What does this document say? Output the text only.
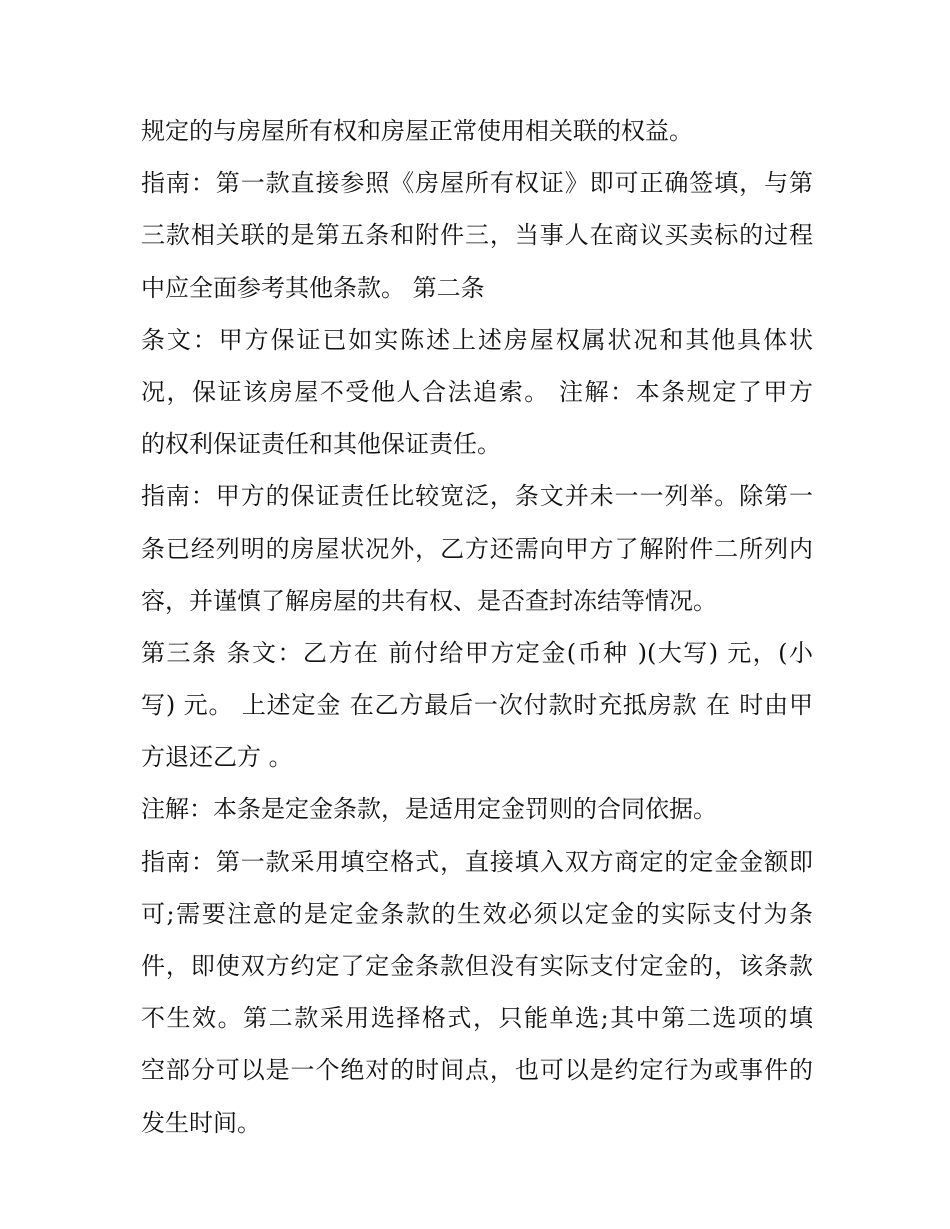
规定的与房屋所有权和房屋正常使用相关联的权益。
指南：第一款直接参照《房屋所有权证》即可正确签填，与第
三款相关联的是第五条和附件三，当事人在商议买卖标的过程
中应全面参考其他条款。 第二条
条文：甲方保证已如实陈述上述房屋权属状况和其他具体状
况，保证该房屋不受他人合法追索。 注解：本条规定了甲方
的权利保证责任和其他保证责任。
指南：甲方的保证责任比较宽泛，条文并未一一列举。除第一
条已经列明的房屋状况外，乙方还需向甲方了解附件二所列内
容，并谨慎了解房屋的共有权、是否查封冻结等情况。
第三条 条文：乙方在 前付给甲方定金(币种 )(大写) 元，(小
写) 元。 上述定金 在乙方最后一次付款时充抵房款 在 时由甲
方退还乙方 。
注解：本条是定金条款，是适用定金罚则的合同依据。
指南：第一款采用填空格式，直接填入双方商定的定金金额即
可;需要注意的是定金条款的生效必须以定金的实际支付为条
件，即使双方约定了定金条款但没有实际支付定金的，该条款
不生效。第二款采用选择格式，只能单选;其中第二选项的填
空部分可以是一个绝对的时间点，也可以是约定行为或事件的
发生时间。
